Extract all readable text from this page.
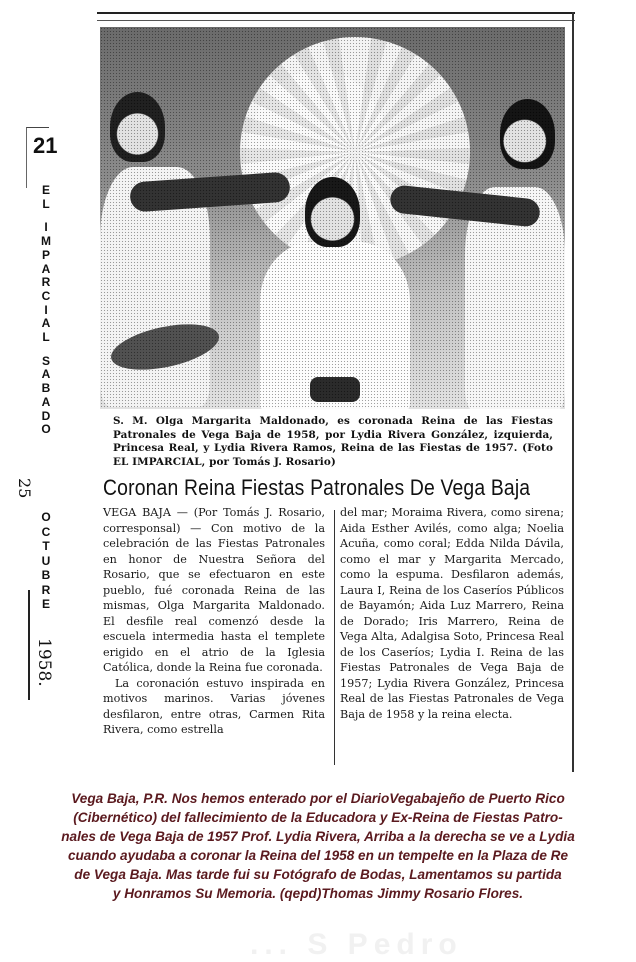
21
E
L
I
M
P
A
R
C
I
A
L
S
A
B
A
D
O
25
O
C
T
U
B
R
E
1958.
S. M. Olga Margarita Maldonado, es coronada Reina de las Fiestas Patronales de Vega Baja de 1958, por Lydia Rivera González, izquierda, Princesa Real, y Lydia Rivera Ramos, Reina de las Fiestas de 1957. (Foto EL IMPARCIAL, por Tomás J. Rosario)
Coronan Reina Fiestas Patronales De Vega Baja

VEGA BAJA — (Por Tomás J. Rosario, corresponsal) — Con motivo de la celebración de las Fiestas Patronales en honor de Nuestra Señora del Rosario, que se efectuaron en este pueblo, fué coronada Reina de las mismas, Olga Margarita Maldonado. El desfile real comenzó desde la escuela intermedia hasta el templete erigido en el atrio de la Iglesia Católica, donde la Reina fue coronada.

La coronación estuvo inspirada en motivos marinos. Varias jóvenes desfilaron, entre otras, Carmen Rita Rivera, como estrella

del mar; Moraima Rivera, como sirena; Aida Esther Avilés, como alga; Noelia Acuña, como coral; Edda Nilda Dávila, como el mar y Margarita Mercado, como la espuma. Desfilaron además, Laura I, Reina de los Caseríos Públicos de Bayamón; Aida Luz Marrero, Reina de Dorado; Iris Marrero, Reina de Vega Alta, Adalgisa Soto, Princesa Real de los Caseríos; Lydia I. Reina de las Fiestas Patronales de Vega Baja de 1957; Lydia Rivera González, Princesa Real de las Fiestas Patronales de Vega Baja de 1958 y la reina electa.

Vega Baja, P.R. Nos hemos enterado por el DiarioVegabajeño de Puerto Rico
(Cibernético) del fallecimiento de la Educadora y Ex-Reina de Fiestas Patro-
nales de Vega Baja de 1957 Prof. Lydia Rivera, Arriba a la derecha se ve a Lydia
cuando ayudaba a coronar la Reina del 1958 en un tempelte en la Plaza de Re
de Vega Baja. Mas tarde fui su Fotógrafo de Bodas, Lamentamos su partida
y Honramos Su Memoria. (qepd)Thomas Jimmy Rosario Flores.
... S Pedro
